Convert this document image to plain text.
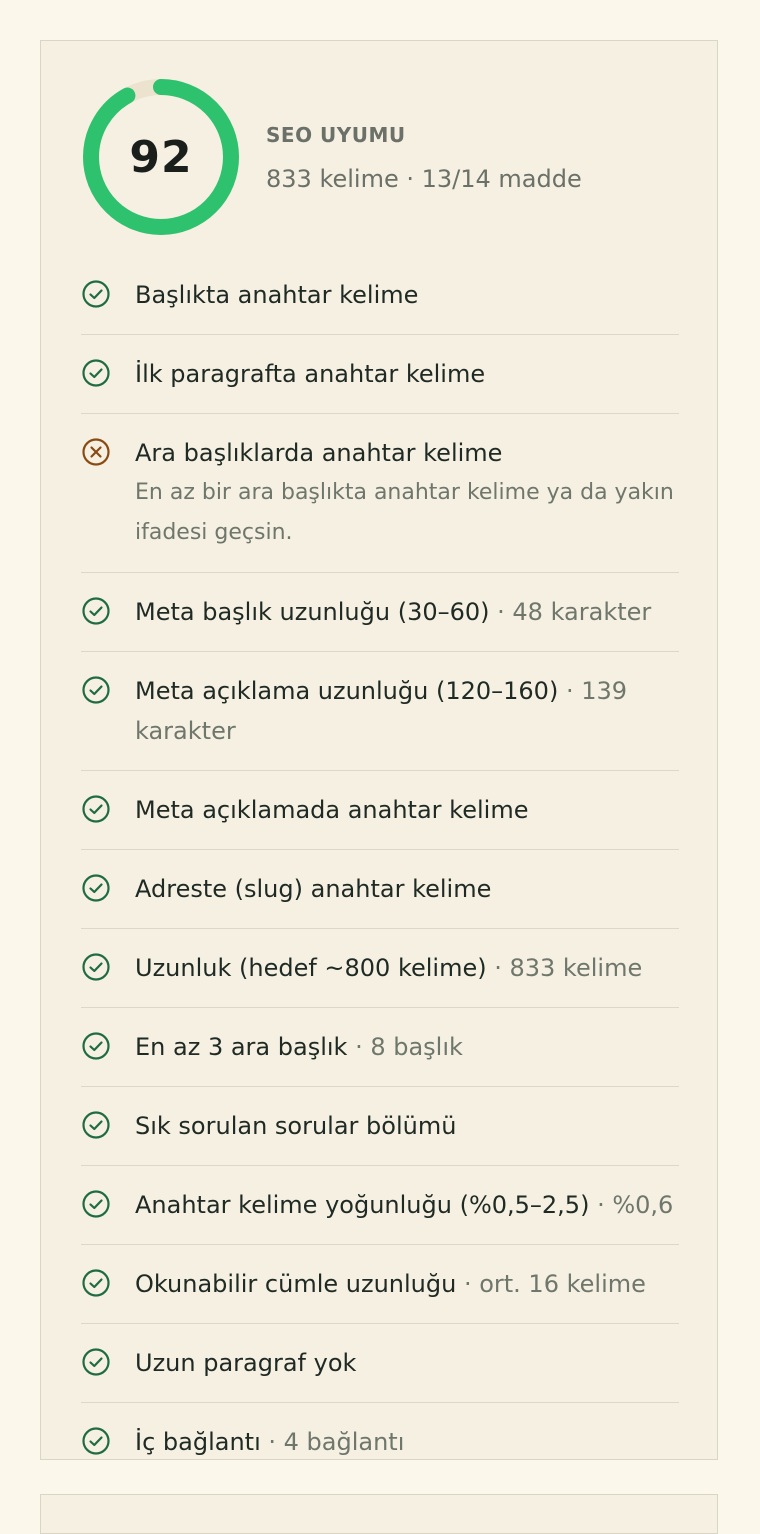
92	SEO UYUMU
833 kelime · 13/14 madde
Başlıkta anahtar kelime
İlk paragrafta anahtar kelime
Ara başlıklarda anahtar kelime
En az bir ara başlıkta anahtar kelime ya da yakın ifadesi geçsin.
Meta başlık uzunluğu (30–60) · 48 karakter
Meta açıklama uzunluğu (120–160) · 139 karakter
Meta açıklamada anahtar kelime
Adreste (slug) anahtar kelime
Uzunluk (hedef ~800 kelime) · 833 kelime
En az 3 ara başlık · 8 başlık
Sık sorulan sorular bölümü
Anahtar kelime yoğunluğu (%0,5–2,5) · %0,6
Okunabilir cümle uzunluğu · ort. 16 kelime
Uzun paragraf yok
İç bağlantı · 4 bağlantı
